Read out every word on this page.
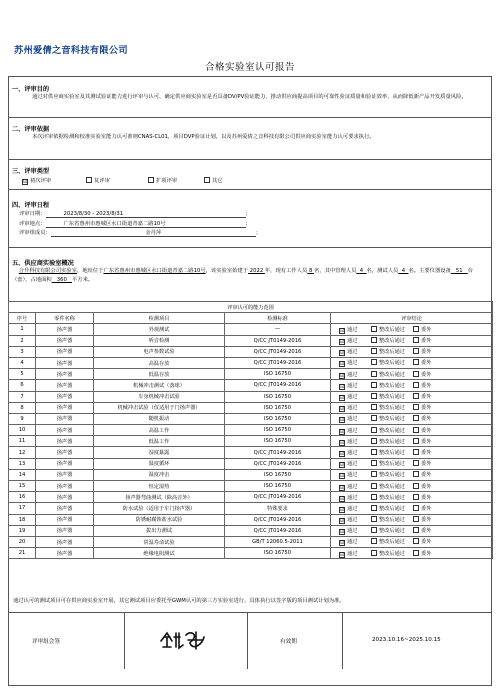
苏州爱倩之音科技有限公司
合格实验室认可报告
一、评审目的
通过对供应商实验室及其测试验证能力进行评审与认可，确定供应商实验室是否具备DV/PV验证能力，推动供应商提高项目的可靠性验证质量和验证效率，从而降低新产品开发质量风险。
二、评审依据
本次评审依据检测和校准实验室能力认可准则CNAS-CL01，项目DVP验证计划，以及苏州爱倩之音科技有限公司供应商实验室能力认可要求执行。
三、评审类型
☑ 初次评审	复评审	扩项评审	其它
四、评审日程
评审日期：	2023/8/30 - 2023/8/31	；
评审地点：	广东省惠州市惠城区水口街道青嘉二路10号	；
评审组成员：	金丹萍	；
五、供应商实验室概况
合升科技有限公司实验室，地址位于广东省惠州市惠城区水口街道青嘉二路10号，该实验室始建于 2022 年，现有工作人员 8 名，其中管理人员 4 名，测试人员 4 名。主要仪器设备 51 台（套），占地面积 360 平方米。
评审认可的能力范围				
序号	零件名称	检测项目	检测标准	评审结论
1	扬声器	外观测试	—	☑ 通过 整改后通过 委外

2	扬声器	听音检测	Q/CC JT0149-2016	☑ 通过 整改后通过 委外

3	扬声器	电声参数试验	Q/CC JT0149-2016	☑ 通过 整改后通过 委外

4	扬声器	高温存放	Q/CC JT0149-2016	☑ 通过 整改后通过 委外

5	扬声器	低温存放	ISO 16750	☑ 通过 整改后通过 委外

6	扬声器	机械冲击测试（落球）	Q/CC JT0149-2016	☑ 通过 整改后通过 委外

7	扬声器	车身机械冲击试验	ISO 16750	☑ 通过 整改后通过 委外

8	扬声器	机械冲击试验（仅适用于门扬声器）	ISO 16750	☑ 通过 整改后通过 委外

9	扬声器	随机振动	ISO 16750	☑ 通过 整改后通过 委外

10	扬声器	高温工作	ISO 16750	☑ 通过 整改后通过 委外

11	扬声器	低温工作	ISO 16750	☑ 通过 整改后通过 委外

12	扬声器	湿度暴露	Q/CC JT0149-2016	☑ 通过 整改后通过 委外

13	扬声器	温度循环	Q/CC JT0149-2016	☑ 通过 整改后通过 委外

14	扬声器	温度冲击	ISO 16750	☑ 通过 整改后通过 委外

15	扬声器	恒定湿热	ISO 16750	☑ 通过 整改后通过 委外

16	扬声器	扬声器弯曲测试（除高音外）	Q/CC JT0149-2016	☑ 通过 整改后通过 委外

17	扬声器	防水试验（适用于车门扬声器）	特殊要求	☑ 通过 整改后通过 委外

18	扬声器	防锈耐腐蚀盐水试验	Q/CC JT0149-2016	☑ 通过 整改后通过 委外

19	扬声器	拔出力测试	Q/CC JT0149-2016	☑ 通过 整改后通过 委外

20	扬声器	常温寿命试验	GB/T 12060.5-2011	☑ 通过 整改后通过 委外

21	扬声器	绝缘电阻测试	ISO 16750	☑ 通过 整改后通过 委外
通过认可的测试项目可在供应商实验室开展，其它测试项目应委托至GWM认可的第三方实验室进行，具体执行以签字版的项目测试计划为准。
评审组会签	有效期	2023.10.16~2025.10.15
